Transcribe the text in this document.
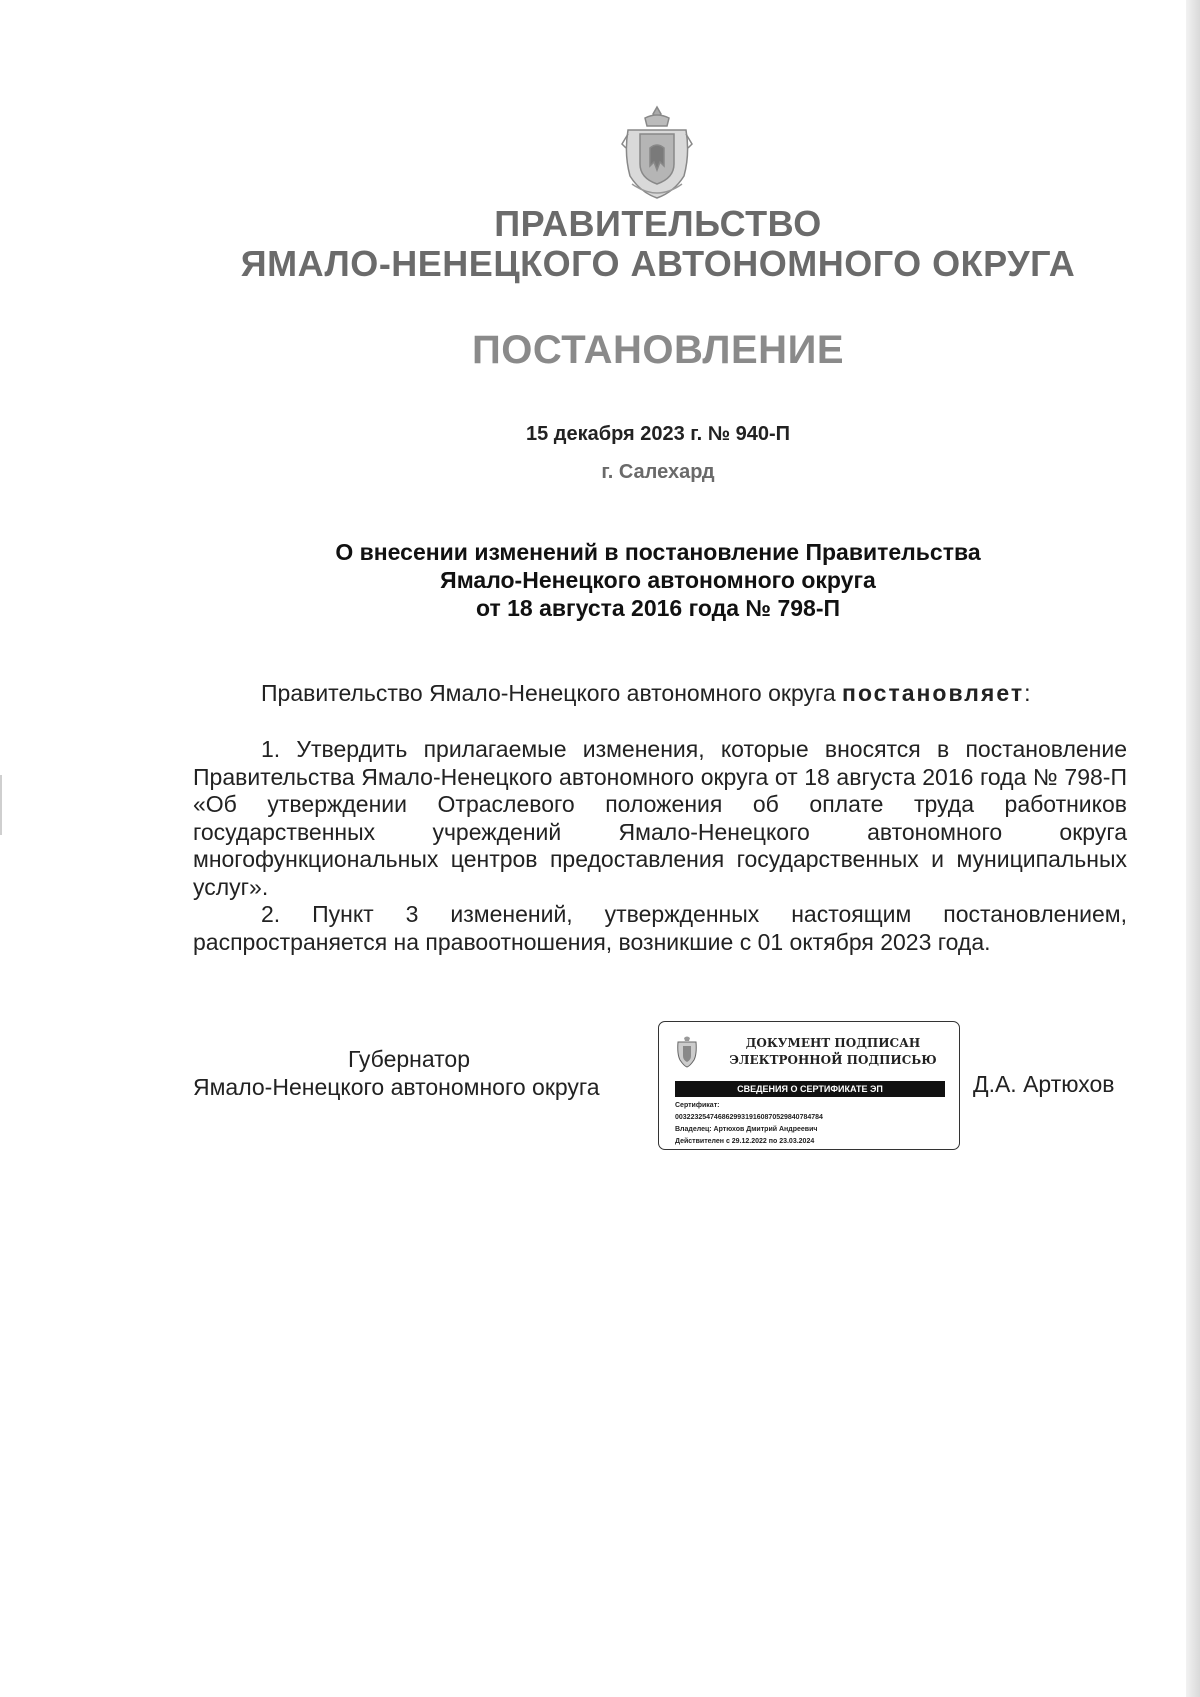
ПРАВИТЕЛЬСТВО
ЯМАЛО-НЕНЕЦКОГО АВТОНОМНОГО ОКРУГА
ПОСТАНОВЛЕНИЕ
15 декабря 2023 г. № 940-П
г. Салехард
О внесении изменений в постановление Правительства
Ямало-Ненецкого автономного округа
от 18 августа 2016 года № 798-П
Правительство Ямало-Ненецкого автономного округа постановляет:

1. Утвердить прилагаемые изменения, которые вносятся в постановление Правительства Ямало-Ненецкого автономного округа от 18 августа 2016 года № 798-П «Об утверждении Отраслевого положения об оплате труда работников государственных учреждений Ямало-Ненецкого автономного округа многофункциональных центров предоставления государственных и муниципальных услуг».

2. Пункт 3 изменений, утвержденных настоящим постановлением, распространяется на правоотношения, возникшие с 01 октября 2023 года.

Губернатор
Ямало-Ненецкого автономного округа
ДОКУМЕНТ ПОДПИСАН
ЭЛЕКТРОННОЙ ПОДПИСЬЮ
СВЕДЕНИЯ О СЕРТИФИКАТЕ ЭП
Сертификат:
00322325474686299319160870529840784784
Владелец: Артюхов Дмитрий Андреевич
Действителен с 29.12.2022 по 23.03.2024
Д.А. Артюхов
